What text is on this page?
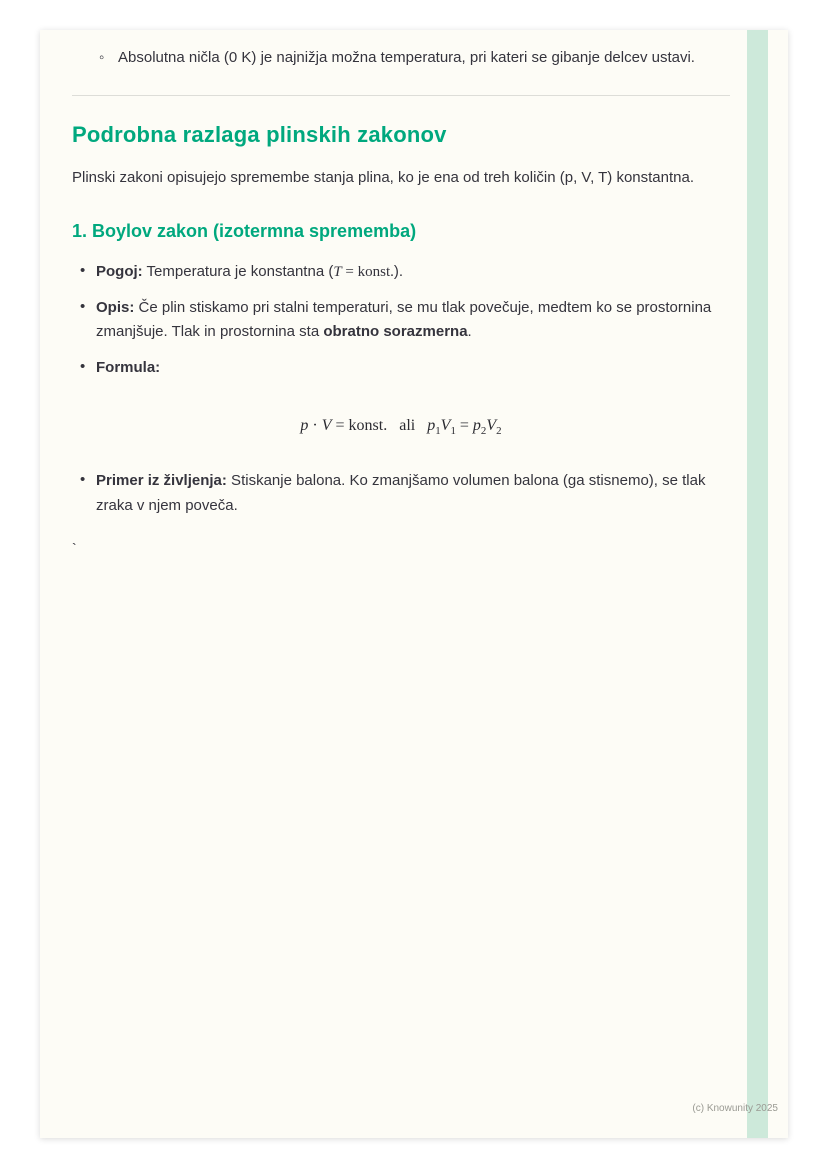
◦ Absolutna ničla (0 K) je najnižja možna temperatura, pri kateri se gibanje delcev ustavi.
Podrobna razlaga plinskih zakonov

Plinski zakoni opisujejo spremembe stanja plina, ko je ena od treh količin (p, V, T) konstantna.

1. Boylov zakon (izotermna sprememba)
• Pogoj: Temperatura je konstantna (T = konst.).
• Opis: Če plin stiskamo pri stalni temperaturi, se mu tlak povečuje, medtem ko se prostornina zmanjšuje. Tlak in prostornina sta obratno sorazmerna.
• Formula:
p · V = konst.   ali   $p_1V_1 = p_2V_2$
• Primer iz življenja: Stiskanje balona. Ko zmanjšamo volumen balona (ga stisnemo), se tlak zraka v njem poveča.
`
(c) Knowunity 2025
